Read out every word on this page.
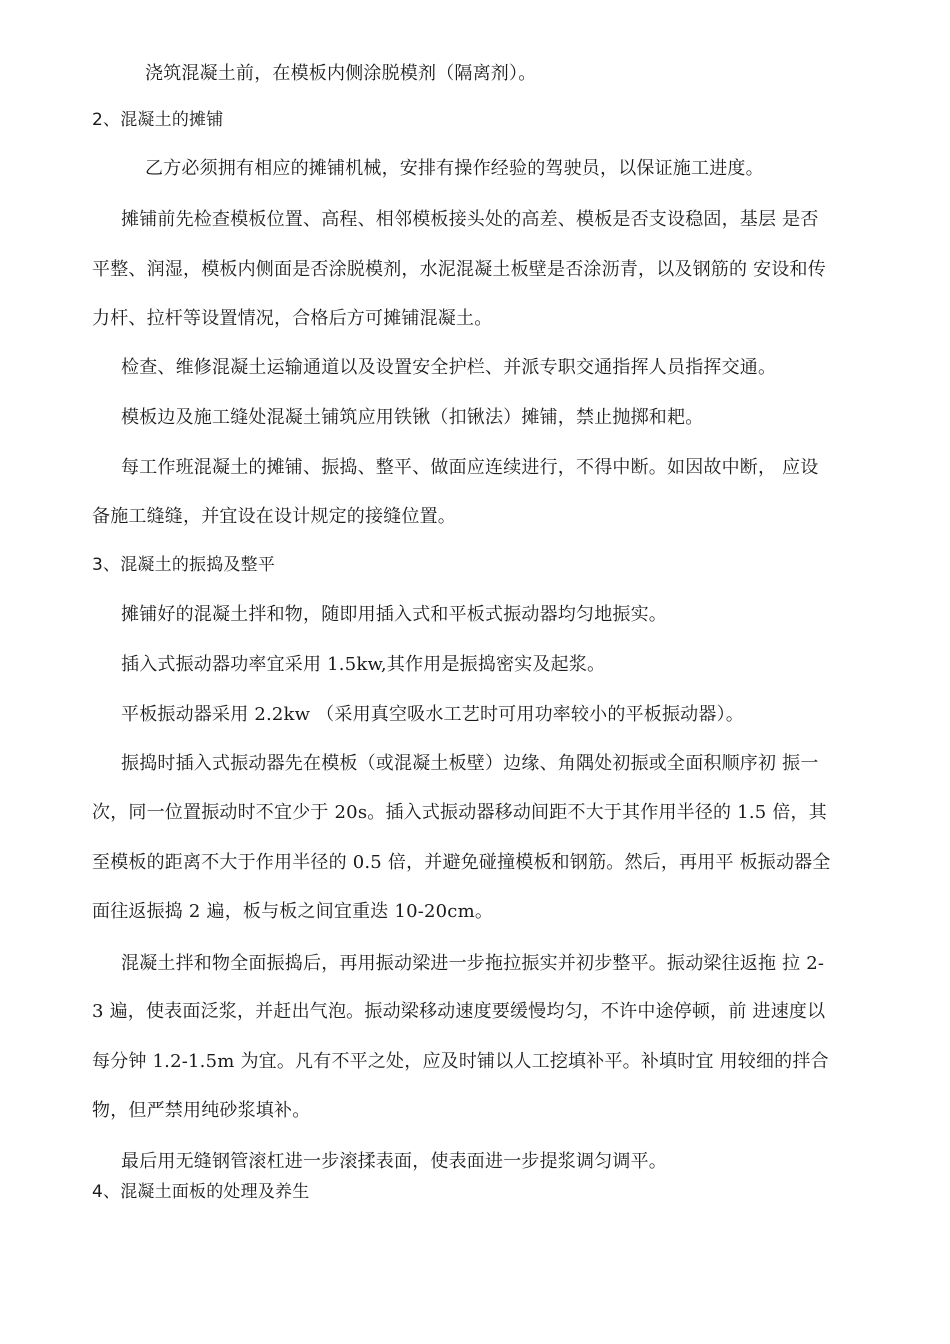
浇筑混凝土前，在模板内侧涂脱模剂（隔离剂）。
2、混凝土的摊铺
乙方必须拥有相应的摊铺机械，安排有操作经验的驾驶员，以保证施工进度。
摊铺前先检查模板位置、高程、相邻模板接头处的高差、模板是否支设稳固，基层 是否
平整、润湿，模板内侧面是否涂脱模剂，水泥混凝土板壁是否涂沥青，以及钢筋的 安设和传
力杆、拉杆等设置情况，合格后方可摊铺混凝土。
检查、维修混凝土运输通道以及设置安全护栏、并派专职交通指挥人员指挥交通。
模板边及施工缝处混凝土铺筑应用铁锹（扣锹法）摊铺，禁止抛掷和耙。
每工作班混凝土的摊铺、振捣、整平、做面应连续进行，不得中断。如因故中断， 应设
备施工缝缝，并宜设在设计规定的接缝位置。
3、混凝土的振捣及整平
摊铺好的混凝土拌和物，随即用插入式和平板式振动器均匀地振实。
插入式振动器功率宜采用 1.5kw,其作用是振捣密实及起浆。
平板振动器采用 2.2kw （采用真空吸水工艺时可用功率较小的平板振动器）。
振捣时插入式振动器先在模板（或混凝土板壁）边缘、角隅处初振或全面积顺序初 振一
次，同一位置振动时不宜少于 20s。插入式振动器移动间距不大于其作用半径的 1.5 倍，其
至模板的距离不大于作用半径的 0.5 倍，并避免碰撞模板和钢筋。然后，再用平 板振动器全
面往返振捣 2 遍，板与板之间宜重迭 10-20cm。
混凝土拌和物全面振捣后，再用振动梁进一步拖拉振实并初步整平。振动梁往返拖 拉 2-
3 遍，使表面泛浆，并赶出气泡。振动梁移动速度要缓慢均匀，不许中途停顿，前 进速度以
每分钟 1.2-1.5m 为宜。凡有不平之处，应及时铺以人工挖填补平。补填时宜 用较细的拌合
物，但严禁用纯砂浆填补。
最后用无缝钢管滚杠进一步滚揉表面，使表面进一步提浆调匀调平。
4、混凝土面板的处理及养生
